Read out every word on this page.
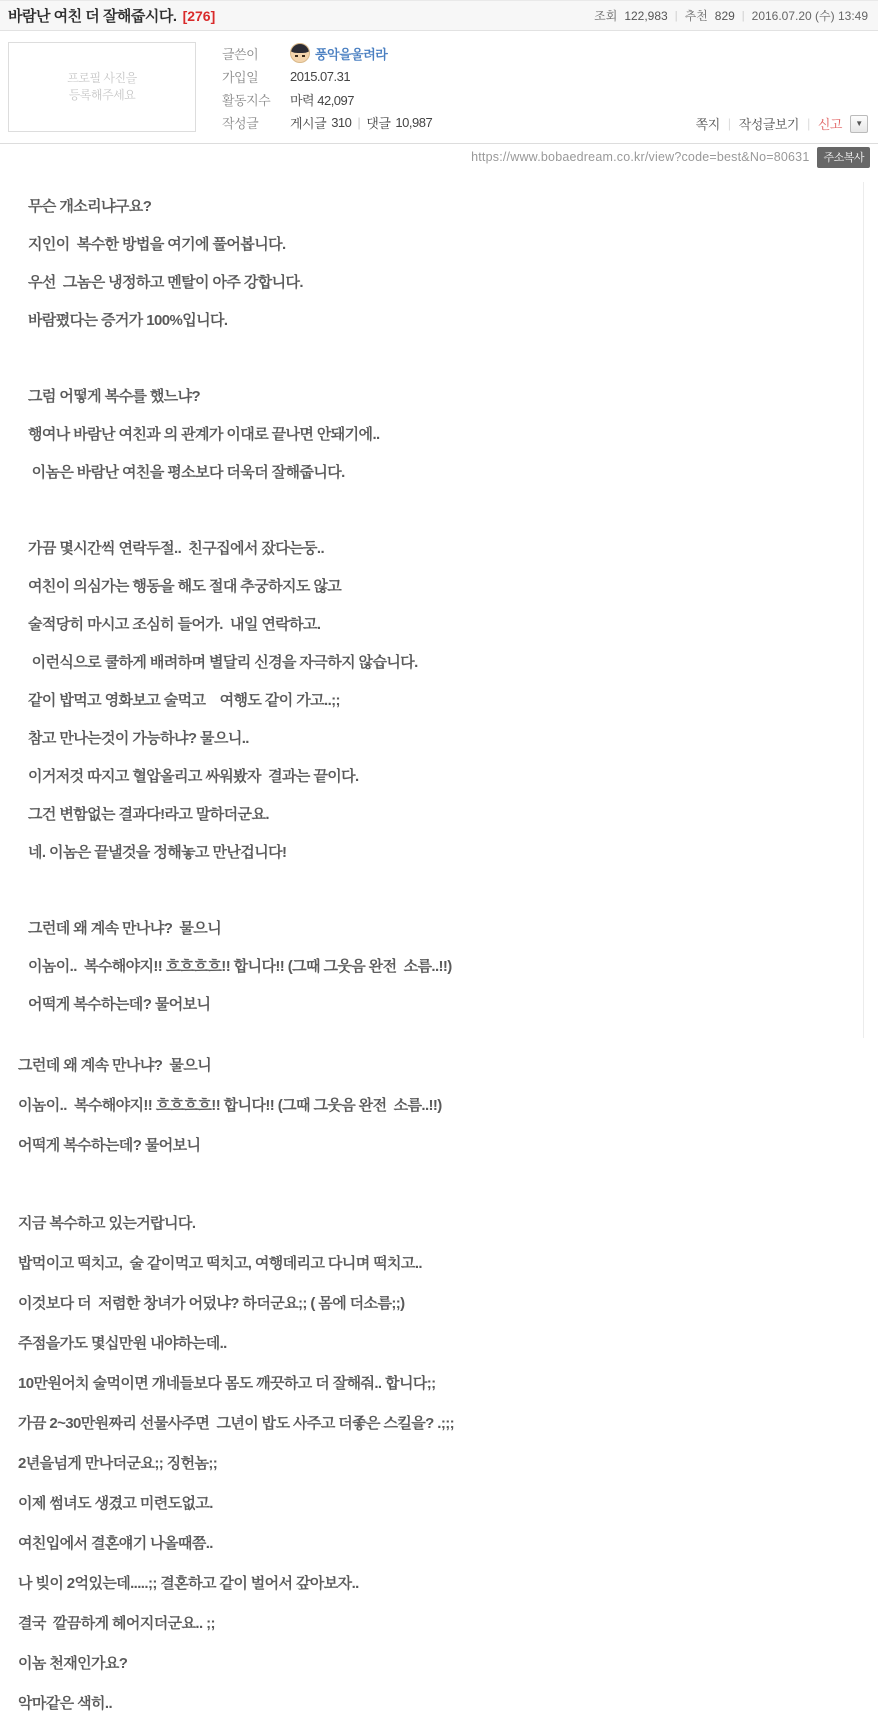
바람난 여친 더 잘해줍시다. [276]	조회 122,983 | 추천 829 | 2016.07.20 (수) 13:49
프로필 사진을
등록해주세요
글쓴이	풍악을울려라
가입일	2015.07.31
활동지수	마력 42,097
작성글	게시글 310 | 댓글 10,987	쪽지 | 작성글보기 | 신고 ▼
https://www.bobaedream.co.kr/view?code=best&No=80631	주소복사
무슨 개소리냐구요?
지인이  복수한 방법을 여기에 풀어봅니다.
우선  그놈은 냉정하고 멘탈이 아주 강합니다.
바람폈다는 증거가 100%입니다.
그럼 어떻게 복수를 했느냐?
행여나 바람난 여친과 의 관계가 이대로 끝나면 안돼기에..
이놈은 바람난 여친을 평소보다 더욱더 잘해줍니다.
가끔 몇시간씩 연락두절..  친구집에서 잤다는둥..
여친이 의심가는 행동을 해도 절대 추궁하지도 않고
술적당히 마시고 조심히 들어가.  내일 연락하고.
이런식으로 쿨하게 배려하며 별달리 신경을 자극하지 않습니다.
같이 밥먹고 영화보고 술먹고    여행도 같이 가고..;;
참고 만나는것이 가능하냐? 물으니..
이거저것 따지고 혈압올리고 싸워봤자  결과는 끝이다.
그건 변함없는 결과다!라고 말하더군요.
네. 이놈은 끝낼것을 정해놓고 만난겁니다!
그런데 왜 계속 만나냐?  물으니
이놈이..  복수해야지!! 흐흐흐흐!! 합니다!! (그때 그웃음 완전  소름..!!)
어떡게 복수하는데? 물어보니
그런데 왜 계속 만나냐?  물으니
이놈이..  복수해야지!! 흐흐흐흐!! 합니다!! (그때 그웃음 완전  소름..!!)
어떡게 복수하는데? 물어보니
지금 복수하고 있는거랍니다.
밥먹이고 떡치고,  술 같이먹고 떡치고, 여행데리고 다니며 떡치고..
이것보다 더  저렴한 창녀가 어덨냐? 하더군요;; ( 몸에 더소름;;)
주점을가도 몇십만원 내야하는데..
10만원어치 술먹이면 개네들보다 몸도 깨끗하고 더 잘해줘.. 합니다;;
가끔 2~30만원짜리 선물사주면  그년이 밥도 사주고 더좋은 스킬을? .;;;
2년을넘게 만나더군요;; 징헌놈;;
이제 썸녀도 생겼고 미련도없고.
여친입에서 결혼얘기 나올때쯤..
나 빚이 2억있는데.....;; 결혼하고 같이 벌어서 갚아보자..
결국  깔끔하게 헤어지더군요.. ;;
이놈 천재인가요?
악마같은 색히..
